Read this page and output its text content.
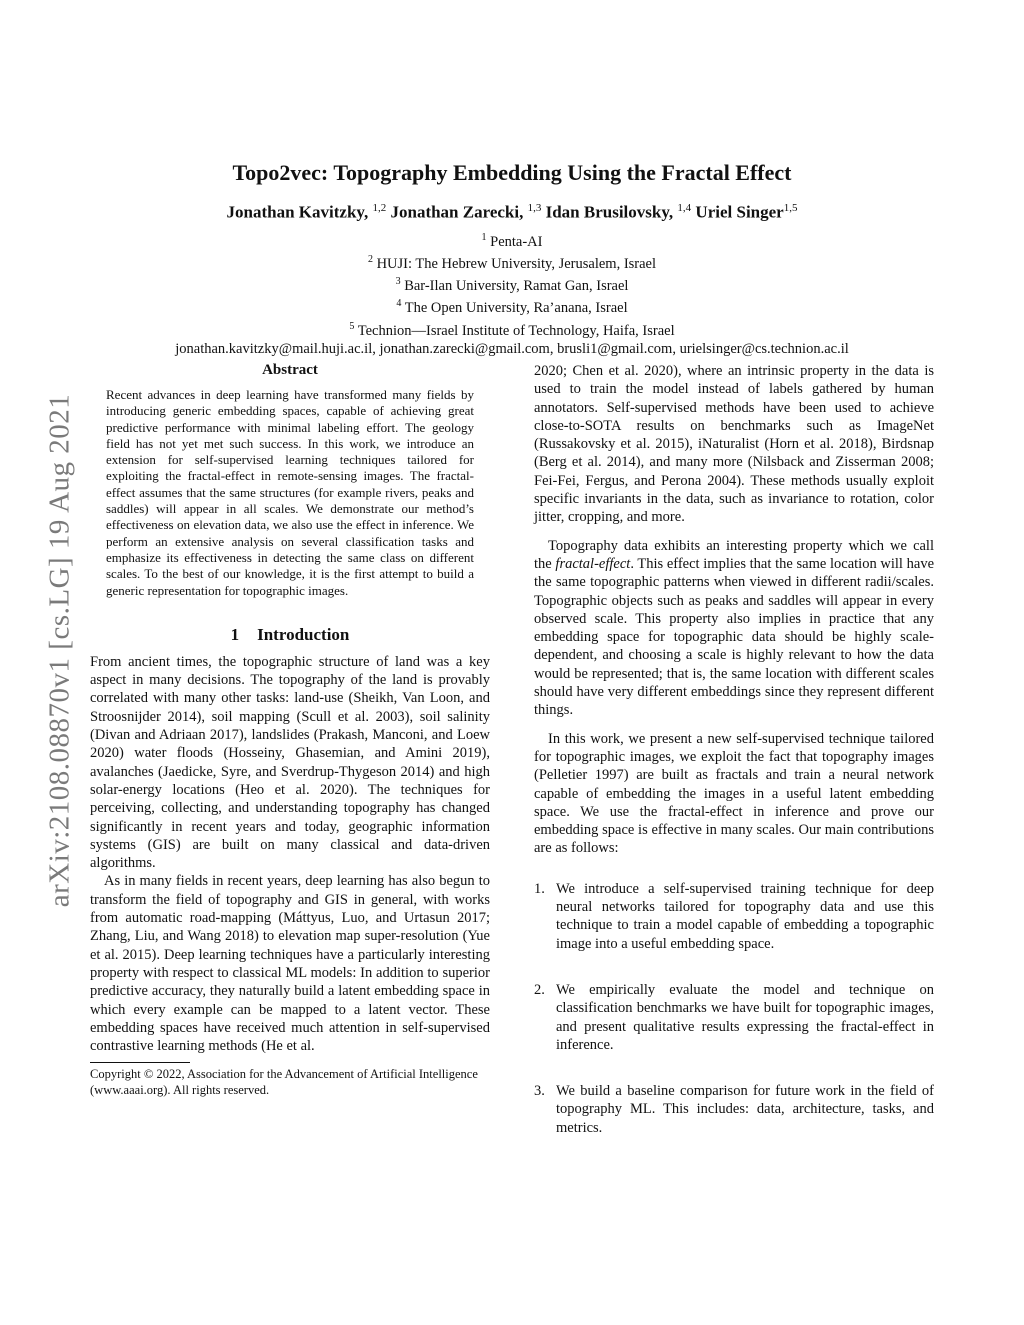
arXiv:2108.08870v1 [cs.LG] 19 Aug 2021
Topo2vec: Topography Embedding Using the Fractal Effect
Jonathan Kavitzky, $^{1,2}$ Jonathan Zarecki, $^{1,3}$ Idan Brusilovsky, $^{1,4}$ Uriel Singer$^{1,5}$
$^1$ Penta-AI
$^2$ HUJI: The Hebrew University, Jerusalem, Israel
$^3$ Bar-Ilan University, Ramat Gan, Israel
$^4$ The Open University, Ra’anana, Israel
$^5$ Technion—Israel Institute of Technology, Haifa, Israel
jonathan.kavitzky@mail.huji.ac.il, jonathan.zarecki@gmail.com, brusli1@gmail.com, urielsinger@cs.technion.ac.il
Abstract

Recent advances in deep learning have transformed many fields by introducing generic embedding spaces, capable of achieving great predictive performance with minimal labeling effort. The geology field has not yet met such success. In this work, we introduce an extension for self-supervised learning techniques tailored for exploiting the fractal-effect in remote-sensing images. The fractal-effect assumes that the same structures (for example rivers, peaks and saddles) will appear in all scales. We demonstrate our method’s effectiveness on elevation data, we also use the effect in inference. We perform an extensive analysis on several classification tasks and emphasize its effectiveness in detecting the same class on different scales. To the best of our knowledge, it is the first attempt to build a generic representation for topographic images.

1 Introduction

From ancient times, the topographic structure of land was a key aspect in many decisions. The topography of the land is provably correlated with many other tasks: land-use (Sheikh, Van Loon, and Stroosnijder 2014), soil mapping (Scull et al. 2003), soil salinity (Divan and Adriaan 2017), landslides (Prakash, Manconi, and Loew 2020) water floods (Hosseiny, Ghasemian, and Amini 2019), avalanches (Jaedicke, Syre, and Sverdrup-Thygeson 2014) and high solar-energy locations (Heo et al. 2020). The techniques for perceiving, collecting, and understanding topography has changed significantly in recent years and today, geographic information systems (GIS) are built on many classical and data-driven algorithms.

As in many fields in recent years, deep learning has also begun to transform the field of topography and GIS in general, with works from automatic road-mapping (Máttyus, Luo, and Urtasun 2017; Zhang, Liu, and Wang 2018) to elevation map super-resolution (Yue et al. 2015). Deep learning techniques have a particularly interesting property with respect to classical ML models: In addition to superior predictive accuracy, they naturally build a latent embedding space in which every example can be mapped to a latent vector. These embedding spaces have received much attention in self-supervised contrastive learning methods (He et al.

Copyright © 2022, Association for the Advancement of Artificial Intelligence (www.aaai.org). All rights reserved.

2020; Chen et al. 2020), where an intrinsic property in the data is used to train the model instead of labels gathered by human annotators. Self-supervised methods have been used to achieve close-to-SOTA results on benchmarks such as ImageNet (Russakovsky et al. 2015), iNaturalist (Horn et al. 2018), Birdsnap (Berg et al. 2014), and many more (Nilsback and Zisserman 2008; Fei-Fei, Fergus, and Perona 2004). These methods usually exploit specific invariants in the data, such as invariance to rotation, color jitter, cropping, and more.

Topography data exhibits an interesting property which we call the fractal-effect. This effect implies that the same location will have the same topographic patterns when viewed in different radii/scales. Topographic objects such as peaks and saddles will appear in every observed scale. This property also implies in practice that any embedding space for topographic data should be highly scale-dependent, and choosing a scale is highly relevant to how the data would be represented; that is, the same location with different scales should have very different embeddings since they represent different things.

In this work, we present a new self-supervised technique tailored for topographic images, we exploit the fact that topography images (Pelletier 1997) are built as fractals and train a neural network capable of embedding the images in a useful latent embedding space. We use the fractal-effect in inference and prove our embedding space is effective in many scales. Our main contributions are as follows:

1. We introduce a self-supervised training technique for deep neural networks tailored for topography data and use this technique to train a model capable of embedding a topographic image into a useful embedding space.
2. We empirically evaluate the model and technique on classification benchmarks we have built for topographic images, and present qualitative results expressing the fractal-effect in inference.
3. We build a baseline comparison for future work in the field of topography ML. This includes: data, architecture, tasks, and metrics.
